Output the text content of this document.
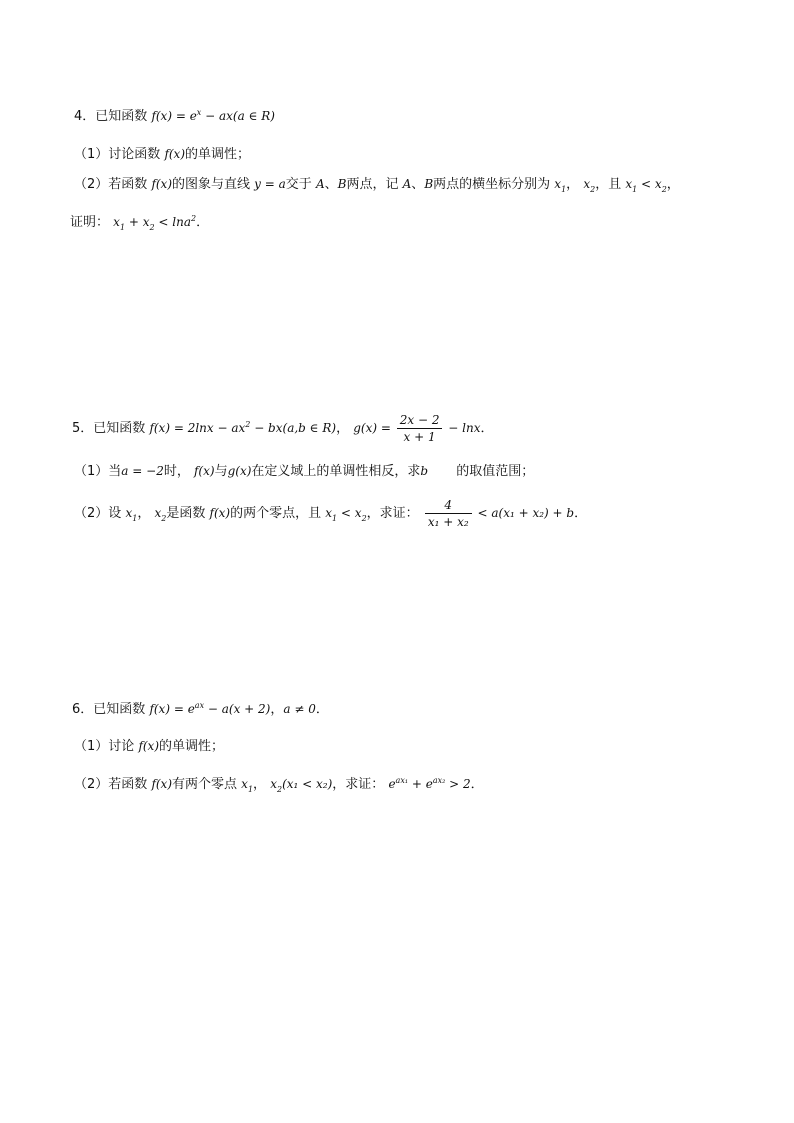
4．已知函数 $f(x) = e^x - ax(a$ ∈ R)
（1）讨论函数 f(x)的单调性；
（2）若函数 f(x)的图象与直线 y = a交于 A、B两点，记 A、B两点的横坐标分别为 $x_1$， $x_2$，且 $x_1 < x_2$，
证明： $x_1 + x_2 < \ln a^2$．
5．已知函数 $f(x) = 2\ln x - ax^2 - bx(a,b$ ∈ R)， $g(x) = \frac{2x - 2}{x + 1} - \ln x$．
（1）当a = −2时， f(x)与g(x)在定义域上的单调性相反，求b 的取值范围；
（2）设 $x_1$， $x_2$是函数 f(x)的两个零点，且 $x_1 < x_2$，求证： $\frac{4}{\text{x₁ + x₂}} < a(x_1 + x_2) + b$．
6．已知函数 $f(x) = e^{ax} - a(x + 2)$，a ≠ 0．
（1）讨论 f(x)的单调性；
（2）若函数 f(x)有两个零点 $x_1$， $x_2(x_1 < x_2)$，求证： $e^{ax_1} + e^{ax_2} > 2$．
